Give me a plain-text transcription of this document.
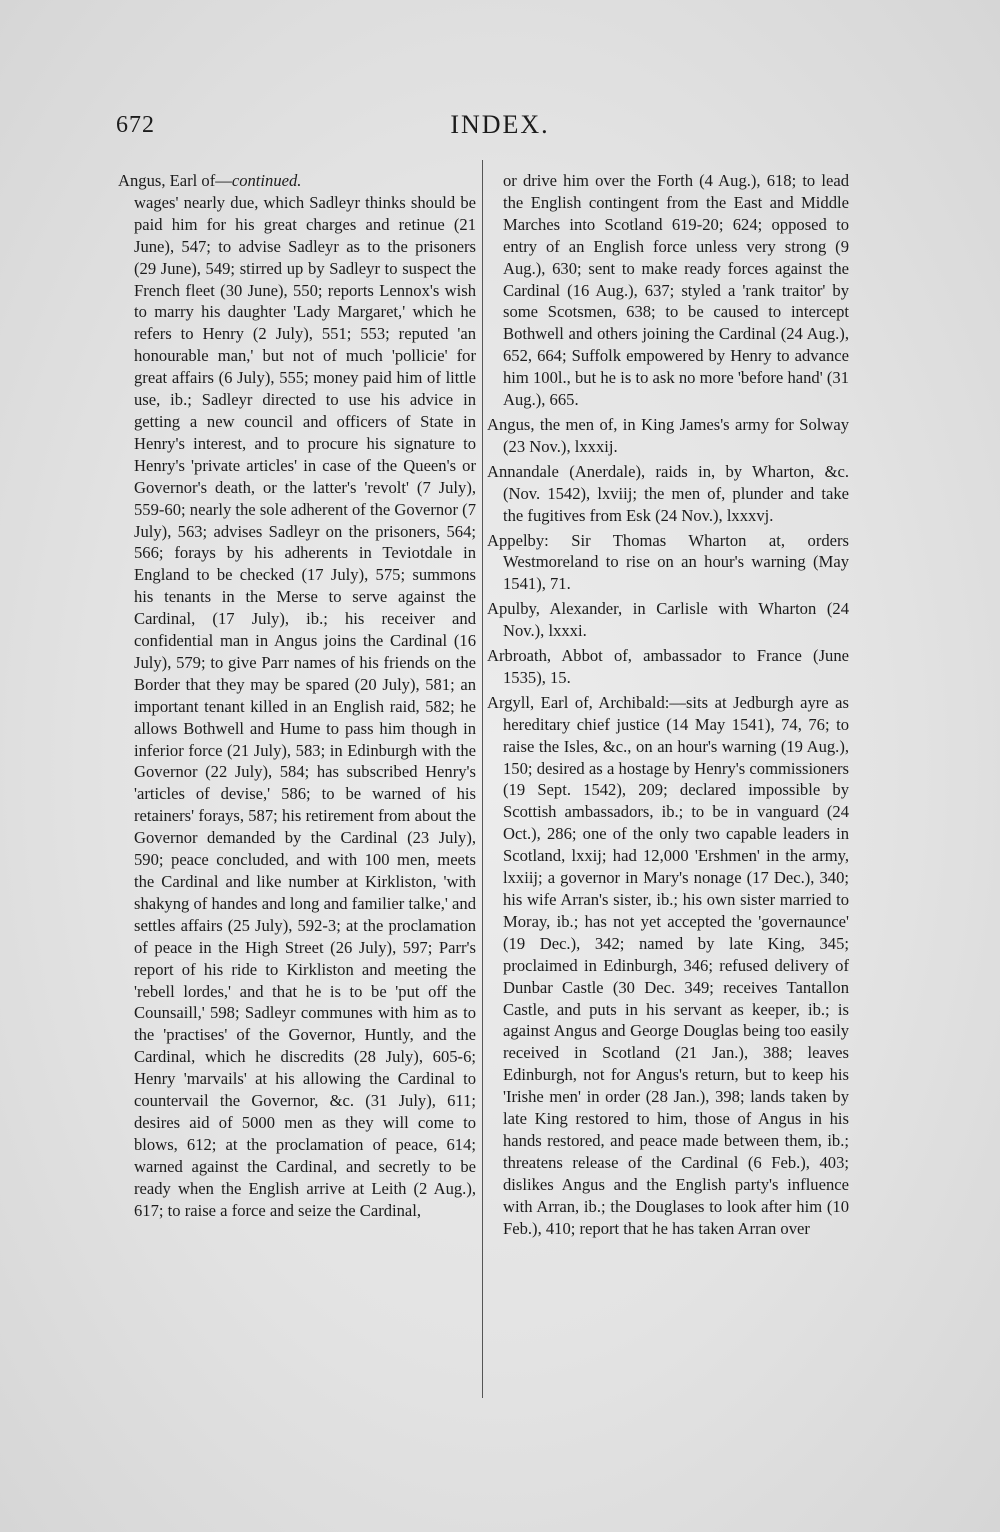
672	INDEX.

Angus, Earl of—continued.

wages' nearly due, which Sadleyr thinks should be paid him for his great charges and retinue (21 June), 547; to advise Sadleyr as to the prisoners (29 June), 549; stirred up by Sadleyr to suspect the French fleet (30 June), 550; reports Lennox's wish to marry his daughter 'Lady Margaret,' which he refers to Henry (2 July), 551; 553; reputed 'an honourable man,' but not of much 'pollicie' for great affairs (6 July), 555; money paid him of little use, ib.; Sadleyr directed to use his advice in getting a new council and officers of State in Henry's interest, and to procure his signature to Henry's 'private articles' in case of the Queen's or Governor's death, or the latter's 'revolt' (7 July), 559-60; nearly the sole adherent of the Governor (7 July), 563; advises Sadleyr on the prisoners, 564; 566; forays by his adherents in Teviotdale in England to be checked (17 July), 575; summons his tenants in the Merse to serve against the Cardinal, (17 July), ib.; his receiver and confidential man in Angus joins the Cardinal (16 July), 579; to give Parr names of his friends on the Border that they may be spared (20 July), 581; an important tenant killed in an English raid, 582; he allows Bothwell and Hume to pass him though in inferior force (21 July), 583; in Edinburgh with the Governor (22 July), 584; has subscribed Henry's 'articles of devise,' 586; to be warned of his retainers' forays, 587; his retirement from about the Governor demanded by the Cardinal (23 July), 590; peace concluded, and with 100 men, meets the Cardinal and like number at Kirkliston, 'with shakyng of handes and long and familier talke,' and settles affairs (25 July), 592-3; at the proclamation of peace in the High Street (26 July), 597; Parr's report of his ride to Kirkliston and meeting the 'rebell lordes,' and that he is to be 'put off the Counsaill,' 598; Sadleyr communes with him as to the 'practises' of the Governor, Huntly, and the Cardinal, which he discredits (28 July), 605-6; Henry 'marvails' at his allowing the Cardinal to countervail the Governor, &c. (31 July), 611; desires aid of 5000 men as they will come to blows, 612; at the proclamation of peace, 614; warned against the Cardinal, and secretly to be ready when the English arrive at Leith (2 Aug.), 617; to raise a force and seize the Cardinal,

or drive him over the Forth (4 Aug.), 618; to lead the English contingent from the East and Middle Marches into Scotland 619-20; 624; opposed to entry of an English force unless very strong (9 Aug.), 630; sent to make ready forces against the Cardinal (16 Aug.), 637; styled a 'rank traitor' by some Scotsmen, 638; to be caused to intercept Bothwell and others joining the Cardinal (24 Aug.), 652, 664; Suffolk empowered by Henry to advance him 100l., but he is to ask no more 'before hand' (31 Aug.), 665.

Angus, the men of, in King James's army for Solway (23 Nov.), lxxxij.

Annandale (Anerdale), raids in, by Wharton, &c. (Nov. 1542), lxviij; the men of, plunder and take the fugitives from Esk (24 Nov.), lxxxvj.

Appelby: Sir Thomas Wharton at, orders Westmoreland to rise on an hour's warning (May 1541), 71.

Apulby, Alexander, in Carlisle with Wharton (24 Nov.), lxxxi.

Arbroath, Abbot of, ambassador to France (June 1535), 15.

Argyll, Earl of, Archibald:—sits at Jedburgh ayre as hereditary chief justice (14 May 1541), 74, 76; to raise the Isles, &c., on an hour's warning (19 Aug.), 150; desired as a hostage by Henry's commissioners (19 Sept. 1542), 209; declared impossible by Scottish ambassadors, ib.; to be in vanguard (24 Oct.), 286; one of the only two capable leaders in Scotland, lxxij; had 12,000 'Ershmen' in the army, lxxiij; a governor in Mary's nonage (17 Dec.), 340; his wife Arran's sister, ib.; his own sister married to Moray, ib.; has not yet accepted the 'governaunce' (19 Dec.), 342; named by late King, 345; proclaimed in Edinburgh, 346; refused delivery of Dunbar Castle (30 Dec. 349; receives Tantallon Castle, and puts in his servant as keeper, ib.; is against Angus and George Douglas being too easily received in Scotland (21 Jan.), 388; leaves Edinburgh, not for Angus's return, but to keep his 'Irishe men' in order (28 Jan.), 398; lands taken by late King restored to him, those of Angus in his hands restored, and peace made between them, ib.; threatens release of the Cardinal (6 Feb.), 403; dislikes Angus and the English party's influence with Arran, ib.; the Douglases to look after him (10 Feb.), 410; report that he has taken Arran over
